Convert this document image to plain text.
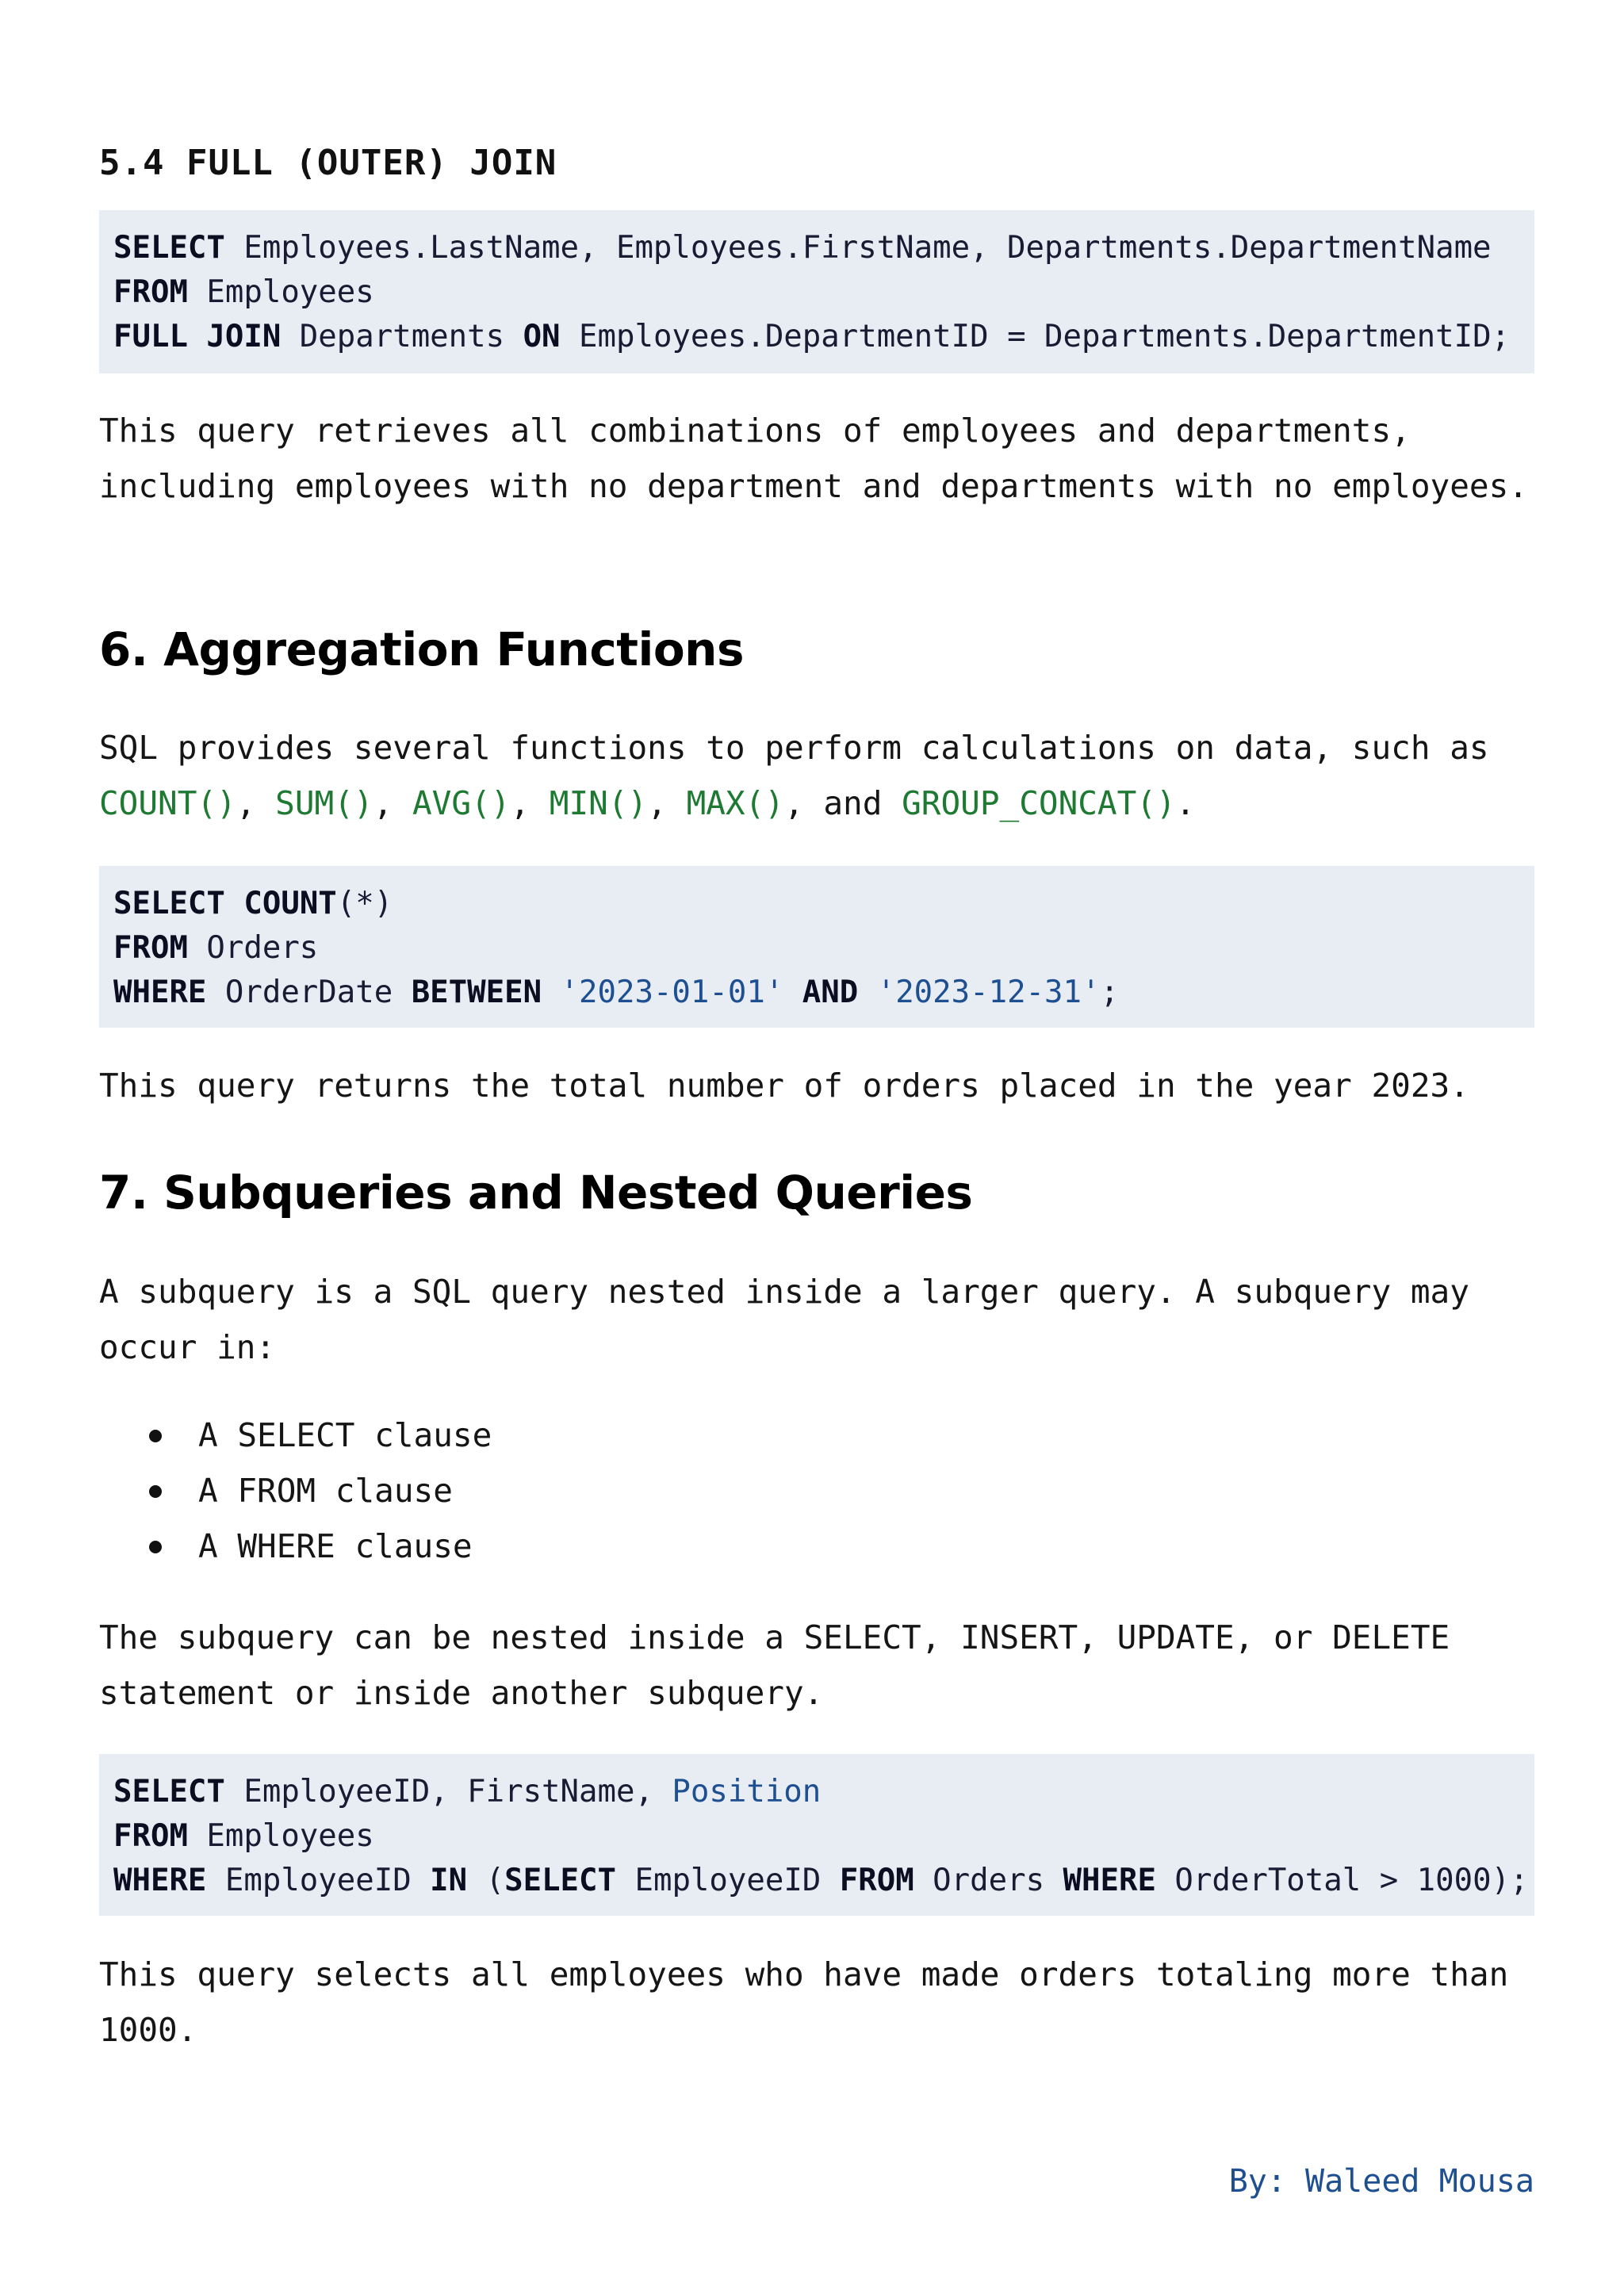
5.4 FULL (OUTER) JOIN
SELECT Employees.LastName, Employees.FirstName, Departments.DepartmentName
FROM Employees
FULL JOIN Departments ON Employees.DepartmentID = Departments.DepartmentID;

This query retrieves all combinations of employees and departments, including employees with no department and departments with no employees.

6. Aggregation Functions
SQL provides several functions to perform calculations on data, such as
COUNT(), SUM(), AVG(), MIN(), MAX(), and GROUP_CONCAT().
SELECT COUNT(*)
FROM Orders
WHERE OrderDate BETWEEN '2023-01-01' AND '2023-12-31';
This query returns the total number of orders placed in the year 2023.
7. Subqueries and Nested Queries

A subquery is a SQL query nested inside a larger query. A subquery may occur in:

A SELECT clause
A FROM clause
A WHERE clause

The subquery can be nested inside a SELECT, INSERT, UPDATE, or DELETE statement or inside another subquery.

SELECT EmployeeID, FirstName, Position
FROM Employees
WHERE EmployeeID IN (SELECT EmployeeID FROM Orders WHERE OrderTotal > 1000);

This query selects all employees who have made orders totaling more than 1000.

By: Waleed Mousa
